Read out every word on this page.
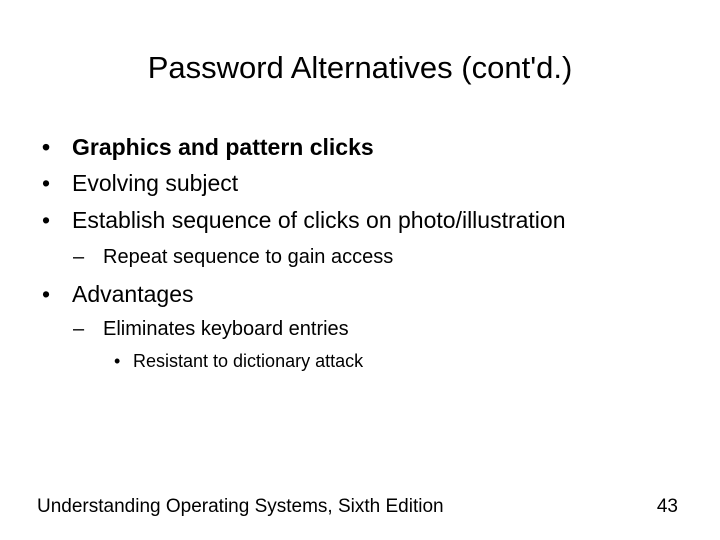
Password Alternatives (cont'd.)
• Graphics and pattern clicks
• Evolving subject
• Establish sequence of clicks on photo/illustration
– Repeat sequence to gain access
• Advantages
– Eliminates keyboard entries
• Resistant to dictionary attack
Understanding Operating Systems, Sixth Edition	43
